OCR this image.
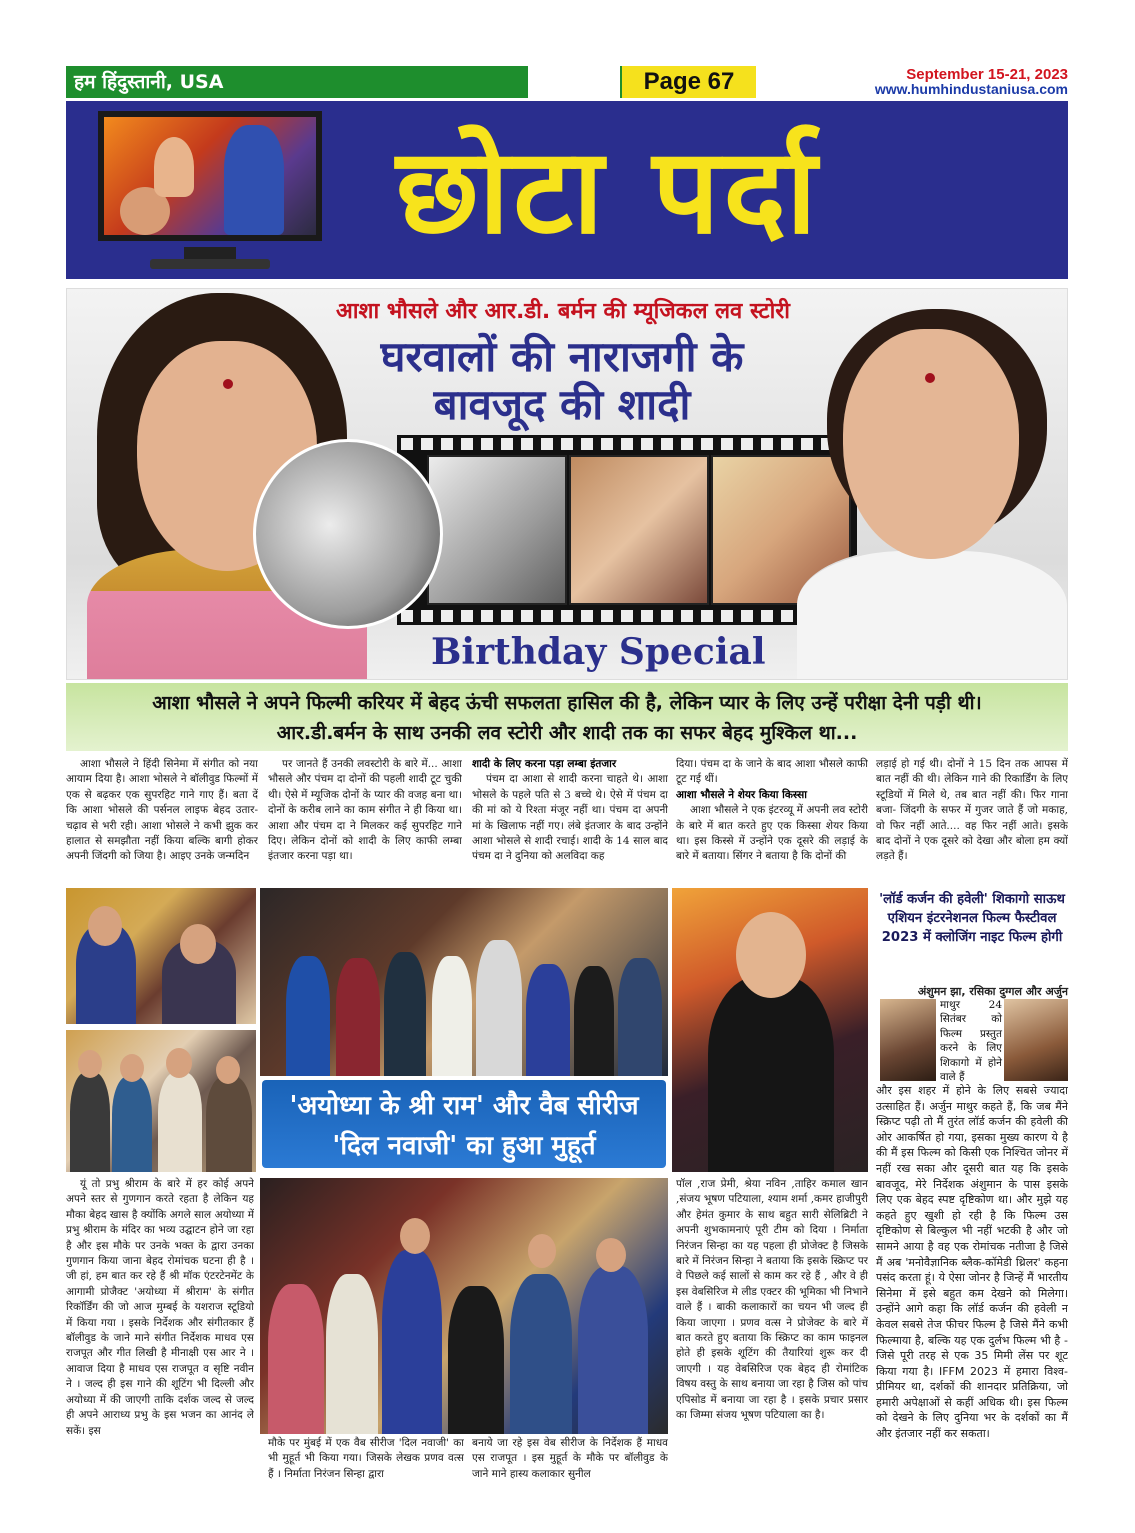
हम हिंदुस्तानी, USA	Page 67	September 15-21, 2023
www.humhindustaniusa.com
छोटा पर्दा
आशा भौसले और आर.डी. बर्मन की म्यूजिकल लव स्टोरी
घरवालों की नाराजगी के
बावजूद की शादी
Birthday Special
आशा भौसले ने अपने फिल्मी करियर में बेहद ऊंची सफलता हासिल की है, लेकिन प्यार के लिए उन्हें परीक्षा देनी पड़ी थी।
आर.डी.बर्मन के साथ उनकी लव स्टोरी और शादी तक का सफर बेहद मुश्किल था...

आशा भौसले ने हिंदी सिनेमा में संगीत को नया आयाम दिया है। आशा भोसले ने बॉलीवुड फिल्मों में एक से बढ़कर एक सुपरहिट गाने गाए हैं। बता दें कि आशा भोसले की पर्सनल लाइफ बेहद उतार-चढ़ाव से भरी रही। आशा भोसले ने कभी झुक कर हालात से समझौता नहीं किया बल्कि बागी होकर अपनी जिंदगी को जिया है। आइए उनके जन्मदिन

पर जानते हैं उनकी लवस्टोरी के बारे में... आशा भौसले और पंचम दा दोनों की पहली शादी टूट चुकी थी। ऐसे में म्यूजिक दोनों के प्यार की वजह बना था। दोनों के करीब लाने का काम संगीत ने ही किया था। आशा और पंचम दा ने मिलकर कई सुपरहिट गाने दिए। लेकिन दोनों को शादी के लिए काफी लम्बा इंतजार करना पड़ा था।

शादी के लिए करना पड़ा लम्बा इंतजार

पंचम दा आशा से शादी करना चाहते थे। आशा भोसले के पहले पति से 3 बच्चे थे। ऐसे में पंचम दा की मां को ये रिश्ता मंजूर नहीं था। पंचम दा अपनी मां के खिलाफ नहीं गए। लंबे इंतजार के बाद उन्होंने आशा भोसले से शादी रचाई। शादी के 14 साल बाद पंचम दा ने दुनिया को अलविदा कह

दिया। पंचम दा के जाने के बाद आशा भौसले काफी टूट गई थीं।
आशा भौसले ने शेयर किया किस्सा

आशा भौसले ने एक इंटरव्यू में अपनी लव स्टोरी के बारे में बात करते हुए एक किस्सा शेयर किया था। इस किस्से में उन्होंने एक दूसरे की लड़ाई के बारे में बताया। सिंगर ने बताया है कि दोनों की

लड़ाई हो गई थी। दोनों ने 15 दिन तक आपस में बात नहीं की थी। लेकिन गाने की रिकार्डिंग के लिए स्टूडियों में मिले थे, तब बात नहीं की। फिर गाना बजा- जिंदगी के सफर में गुजर जाते हैं जो मकाह, वो फिर नहीं आते.... वह फिर नहीं आते। इसके बाद दोनों ने एक दूसरे को देखा और बोला हम क्यों लड़ते हैं।
'अयोध्या के श्री राम' और वैब सीरीज
'दिल नवाजी' का हुआ मुहूर्त

यूं तो प्रभु श्रीराम के बारे में हर कोई अपने अपने स्तर से गुणगान करते रहता है लेकिन यह मौका बेहद खास है क्योंकि अगले साल अयोध्या में प्रभु श्रीराम के मंदिर का भव्य उद्घाटन होने जा रहा है और इस मौके पर उनके भक्त के द्वारा उनका गुणगान किया जाना बेहद रोमांचक घटना ही है । जी हां, हम बात कर रहे हैं श्री मॉक एंटरटेनमेंट के आगामी प्रोजैक्ट 'अयोध्या में श्रीराम' के संगीत रिकॉर्डिंग की जो आज मुम्बई के यशराज स्टूडियो में किया गया । इसके निर्देशक और संगीतकार हैं बॉलीवुड के जाने माने संगीत निर्देशक माधव एस राजपूत और गीत लिखी है मीनाक्षी एस आर ने । आवाज दिया है माधव एस राजपूत व सृष्टि नवीन ने । जल्द ही इस गाने की शूटिंग भी दिल्ली और अयोध्या में की जाएगी ताकि दर्शक जल्द से जल्द ही अपने आराध्य प्रभु के इस भजन का आनंद ले सकें। इस

मौके पर मुंबई में एक वैब सीरीज 'दिल नवाजी' का भी मुहूर्त भी किया गया। जिसके लेखक प्रणव वत्स हैं । निर्माता निरंजन सिन्हा द्वारा
बनाये जा रहे इस वेब सीरीज के निर्देशक हैं माधव एस राजपूत । इस मुहूर्त के मौके पर बॉलीवुड के जाने माने हास्य कलाकार सुनील
पॉल ,राज प्रेमी, श्रेया नविन ,ताहिर कमाल खान ,संजय भूषण पटियाला, श्याम शर्मा ,कमर हाजीपुरी और हेमंत कुमार के साथ बहुत सारी सेलिब्रिटी ने अपनी शुभकामनाएं पूरी टीम को दिया । निर्माता निरंजन सिन्हा का यह पहला ही प्रोजेक्ट है जिसके बारे में निरंजन सिन्हा ने बताया कि इसके स्क्रिप्ट पर वे पिछले कई सालों से काम कर रहे हैं , और वे ही इस वेबसिरिज मे लीड एक्टर की भूमिका भी निभाने वाले हैं । बाकी कलाकारों का चयन भी जल्द ही किया जाएगा । प्रणव वत्स ने प्रोजेक्ट के बारे में बात करते हुए बताया कि स्क्रिप्ट का काम फाइनल होते ही इसके शूटिंग की तैयारियां शुरू कर दी जाएगी । यह वेबसिरिज एक बेहद ही रोमांटिक विषय वस्तु के साथ बनाया जा रहा है जिस को पांच एपिसोड में बनाया जा रहा है । इसके प्रचार प्रसार का जिम्मा संजय भूषण पटियाला का है।
'लॉर्ड कर्जन की हवेली' शिकागो साऊथ एशियन इंटरनेशनल फिल्म फैस्टीवल 2023 में क्लोजिंग नाइट फिल्म होगी
अंशुमन झा, रसिका दुग्गल और अर्जुन
माथुर 24 सितंबर को फिल्म प्रस्तुत करने के लिए शिकागो में होने वाले हैं
और इस शहर में होने के लिए सबसे ज्यादा उत्साहित हैं। अर्जुन माथुर कहते हैं, कि जब मैंने स्क्रिप्ट पढ़ी तो मैं तुरंत लॉर्ड कर्जन की हवेली की ओर आकर्षित हो गया, इसका मुख्य कारण ये है की मैं इस फिल्म को किसी एक निश्चित जोनर में नहीं रख सका और दूसरी बात यह कि इसके बावजूद, मेरे निर्देशक अंशुमान के पास इसके लिए एक बेहद स्पष्ट दृष्टिकोण था। और मुझे यह कहते हुए खुशी हो रही है कि फिल्म उस दृष्टिकोण से बिल्कुल भी नहीं भटकी है और जो सामने आया है वह एक रोमांचक नतीजा है जिसे मैं अब 'मनोवैज्ञानिक ब्लैक-कॉमेडी थ्रिलर' कहना पसंद करता हूं। ये ऐसा जोनर है जिन्हें मैं भारतीय सिनेमा में इसे बहुत कम देखने को मिलेगा। उन्होंने आगे कहा कि लॉर्ड कर्जन की हवेली न केवल सबसे तेज फीचर फिल्म है जिसे मैंने कभी फिल्माया है, बल्कि यह एक दुर्लभ फिल्म भी है - जिसे पूरी तरह से एक 35 मिमी लेंस पर शूट किया गया है। IFFM 2023 में हमारा विश्व-प्रीमियर था, दर्शकों की शानदार प्रतिक्रिया, जो हमारी अपेक्षाओं से कहीं अधिक थी। इस फिल्म को देखने के लिए दुनिया भर के दर्शकों का मैं और इंतजार नहीं कर सकता।
